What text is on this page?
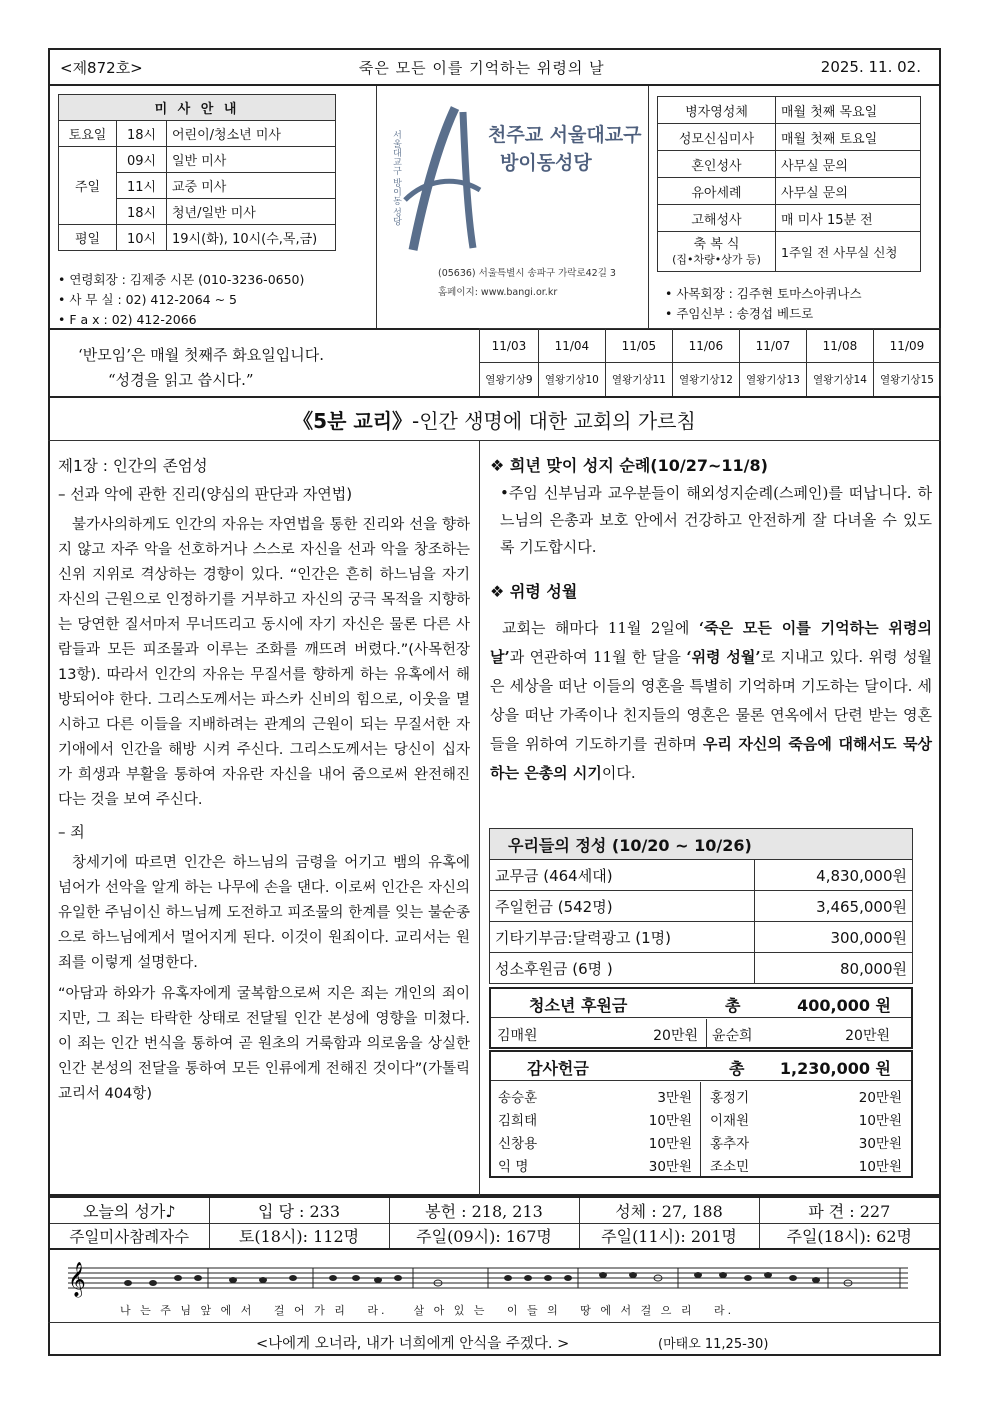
<제872호>	죽은 모든 이를 기억하는 위령의 날	2025. 11. 02.
미 사 안 내		
토요일	18시	어린이/청소년 미사
주일	09시	일반 미사
	11시	교중 미사
	18시	청년/일반 미사
평일	10시	19시(화), 10시(수,목,금)
• 연령회장 : 김제중 시몬 (010-3236-0650)
• 사 무 실 : 02) 412-2064 ~ 5
• F a x : 02) 412-2066
서울대교구 방이동 성당	천주교 서울대교구
방이동성당
(05636) 서울특별시 송파구 가락로42길 3
홈페이지: www.bangi.or.kr
병자영성체	매월 첫째 목요일
성모신심미사	매월 첫째 토요일
혼인성사	사무실 문의
유아세례	사무실 문의
고해성사	매 미사 15분 전

축 복 식
(집•차량•상가 등)	1주일 전 사무실 신청
• 사목회장 : 김주현 토마스아퀴나스
• 주임신부 : 송경섭 베드로
‘반모임’은 매월 첫째주 화요일입니다.
“성경을 읽고 씁시다.”
11/03	11/04	11/05	11/06	11/07	11/08	11/09
열왕기상9	열왕기상10	열왕기상11	열왕기상12	열왕기상13	열왕기상14	열왕기상15
《5분 교리》-인간 생명에 대한 교회의 가르침
제1장 : 인간의 존엄성
– 선과 악에 관한 진리(양심의 판단과 자연법)
불가사의하게도 인간의 자유는 자연법을 통한 진리와 선을 향하지 않고 자주 악을 선호하거나 스스로 자신을 선과 악을 창조하는 신위 지위로 격상하는 경향이 있다. “인간은 흔히 하느님을 자기 자신의 근원으로 인정하기를 거부하고 자신의 궁극 목적을 지향하는 당연한 질서마저 무너뜨리고 동시에 자기 자신은 물론 다른 사람들과 모든 피조물과 이루는 조화를 깨뜨려 버렸다.”(사목헌장 13항). 따라서 인간의 자유는 무질서를 향하게 하는 유혹에서 해방되어야 한다. 그리스도께서는 파스카 신비의 힘으로, 이웃을 멸시하고 다른 이들을 지배하려는 관계의 근원이 되는 무질서한 자기애에서 인간을 해방 시켜 주신다. 그리스도께서는 당신이 십자가 희생과 부활을 통하여 자유란 자신을 내어 줌으로써 완전해진다는 것을 보여 주신다.
– 죄
창세기에 따르면 인간은 하느님의 금령을 어기고 뱀의 유혹에 넘어가 선악을 알게 하는 나무에 손을 댄다. 이로써 인간은 자신의 유일한 주님이신 하느님께 도전하고 피조물의 한계를 잊는 불순종으로 하느님에게서 멀어지게 된다. 이것이 원죄이다. 교리서는 원죄를 이렇게 설명한다.
“아담과 하와가 유혹자에게 굴복함으로써 지은 죄는 개인의 죄이지만, 그 죄는 타락한 상태로 전달될 인간 본성에 영향을 미쳤다. 이 죄는 인간 번식을 통하여 곧 원초의 거룩함과 의로움을 상실한 인간 본성의 전달을 통하여 모든 인류에게 전해진 것이다”(가톨릭 교리서 404항)
❖ 희년 맞이 성지 순례(10/27~11/8)
•주임 신부님과 교우분들이 해외성지순례(스페인)를 떠납니다. 하느님의 은총과 보호 안에서 건강하고 안전하게 잘 다녀올 수 있도록 기도합시다.
❖ 위령 성월
교회는 해마다 11월 2일에 ‘죽은 모든 이를 기억하는 위령의 날’과 연관하여 11월 한 달을 ‘위령 성월’로 지내고 있다. 위령 성월은 세상을 떠난 이들의 영혼을 특별히 기억하며 기도하는 달이다. 세상을 떠난 가족이나 친지들의 영혼은 물론 연옥에서 단련 받는 영혼들을 위하여 기도하기를 권하며 우리 자신의 죽음에 대해서도 묵상하는 은총의 시기이다.
우리들의 정성 (10/20 ~ 10/26)	
교무금 (464세대)	4,830,000원
주일헌금 (542명)	3,465,000원
기타기부금:달력광고 (1명)	300,000원
성소후원금 (6명 )	80,000원
청소년 후원금	총	400,000 원
김매원	20만원 윤순희	20만원
감사헌금	총 1,230,000 원
송승훈	3만원	홍정기	20만원
김희태	10만원	이재원	10만원
신창용	10만원	홍추자	30만원
익 명	30만원	조소민	10만원
오늘의 성가♪	입 당 : 233	봉헌 : 218, 213	성체 : 27, 188	파 견 : 227
주일미사참례자수	토(18시): 112명	주일(09시): 167명	주일(11시): 201명	주일(18시): 62명
𝄞
나 는 주 님 앞 에 서   걸 어 가 리   라.    살 아 있 는   이 들 의   땅 에 서 걸 으 리   라.
<나에게 오너라, 내가 너희에게 안식을 주겠다. >	(마태오 11,25-30)
